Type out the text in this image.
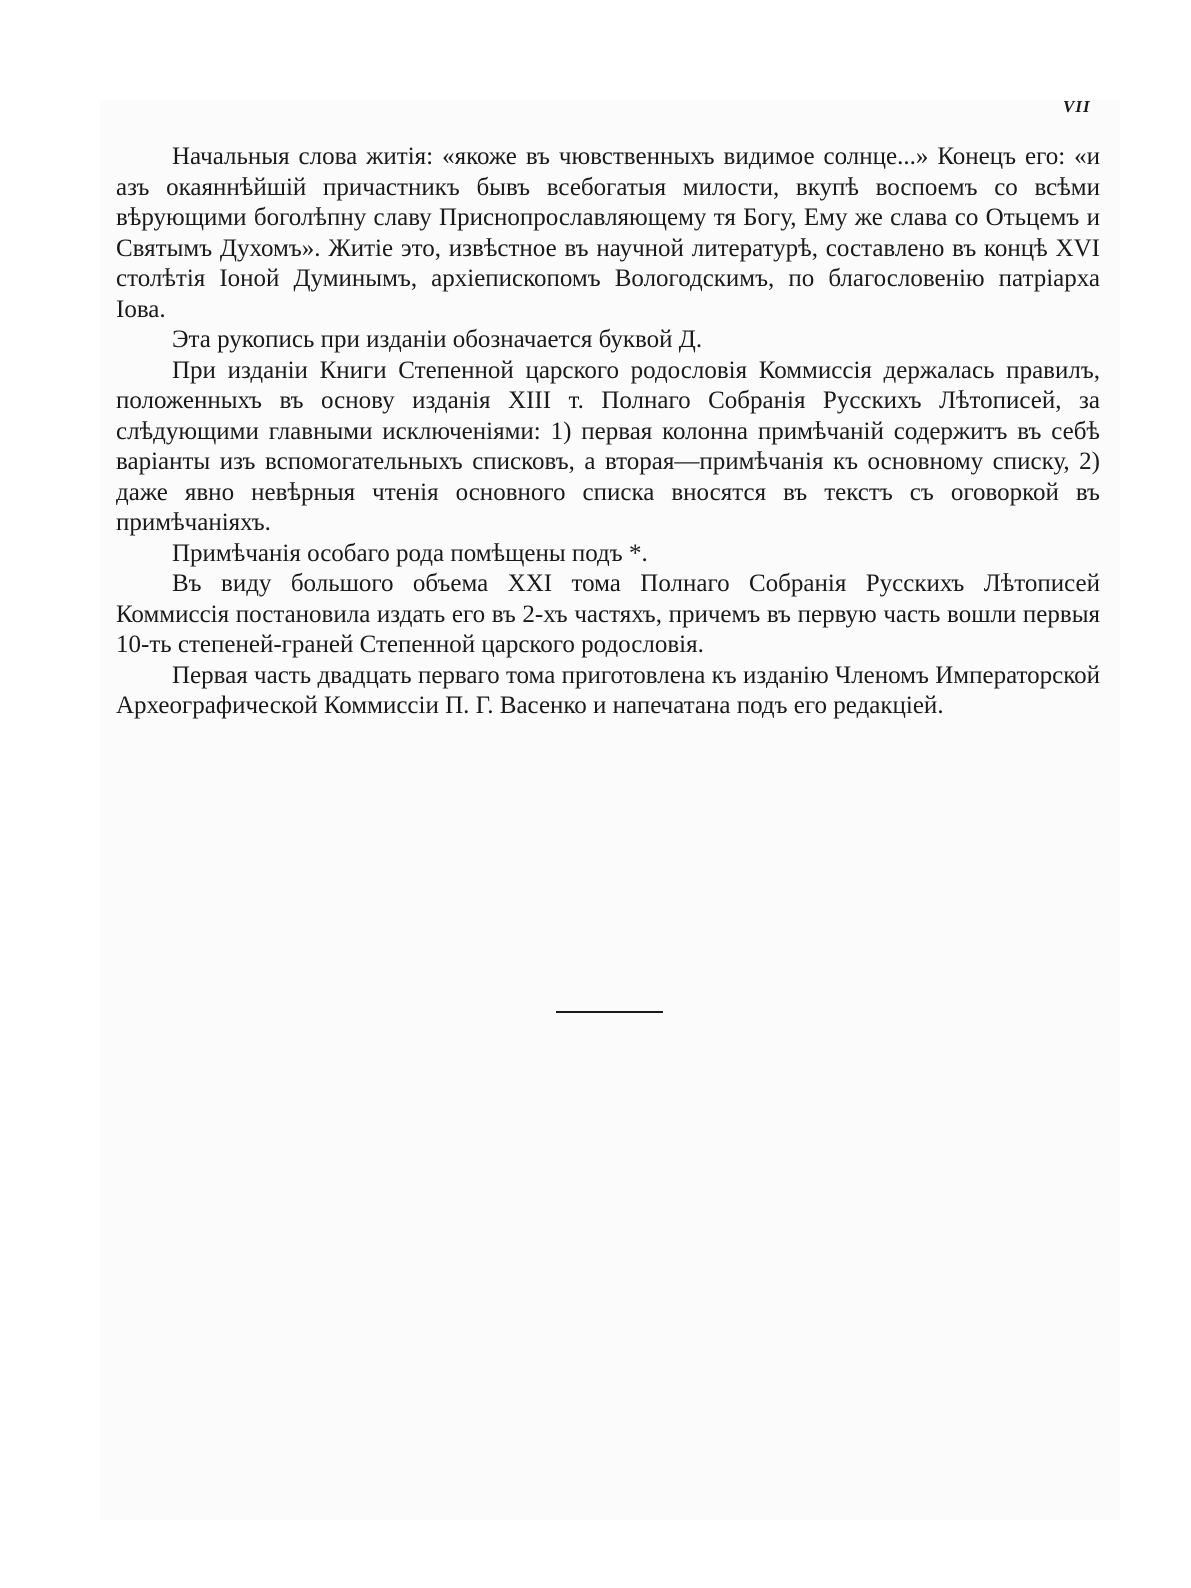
VII

Начальныя слова житія: «якоже въ чювственныхъ видимое солнце...» Конецъ его: «и азъ окаяннѣйшій причастникъ бывъ всебогатыя милости, вкупѣ воспоемъ со всѣми вѣрующими боголѣпну славу Приснопрославляющему тя Богу, Ему же слава со Отьцемъ и Святымъ Духомъ». Житіе это, извѣстное въ научной литературѣ, составлено въ концѣ XVI столѣтія Іоной Думинымъ, архіепископомъ Вологодскимъ, по благословенію патріарха Іова.

Эта рукопись при изданіи обозначается буквой Д.

При изданіи Книги Степенной царского родословія Коммиссія держалась правилъ, положенныхъ въ основу изданія XIII т. Полнаго Собранія Русскихъ Лѣтописей, за слѣдующими главными исключеніями: 1) первая колонна примѣчаній содержитъ въ себѣ варіанты изъ вспомогательныхъ списковъ, а вторая—примѣчанія къ основному списку, 2) даже явно невѣрныя чтенія основного списка вносятся въ текстъ съ оговоркой въ примѣчаніяхъ.

Примѣчанія особаго рода помѣщены подъ *.

Въ виду большого объема XXI тома Полнаго Собранія Русскихъ Лѣтописей Коммиссія постановила издать его въ 2-хъ частяхъ, причемъ въ первую часть вошли первыя 10-ть степеней-граней Степенной царского родословія.

Первая часть двадцать перваго тома приготовлена къ изданію Членомъ Императорской Археографической Коммиссіи П. Г. Васенко и напечатана подъ его редакціей.
